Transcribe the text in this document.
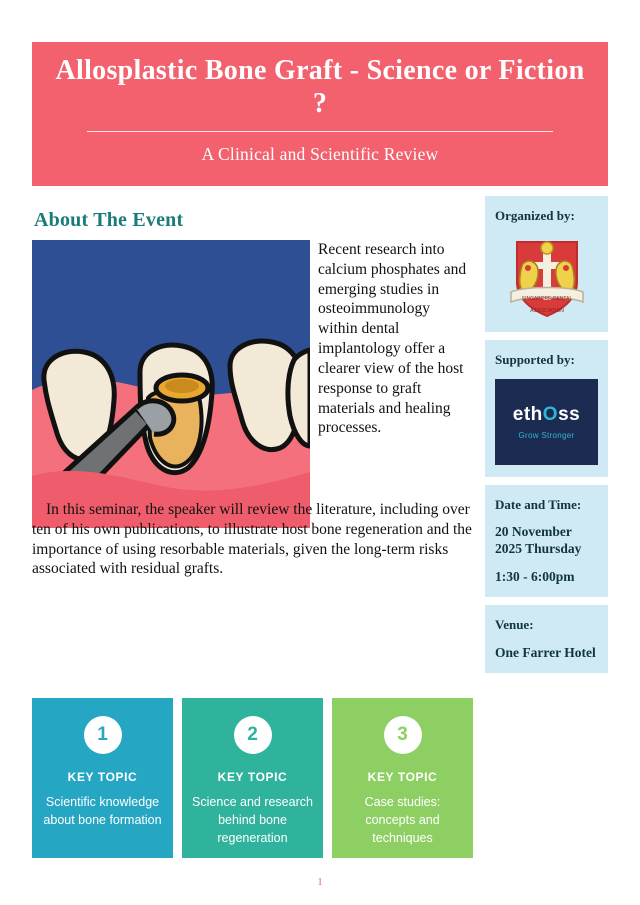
Allosplastic Bone Graft - Science or Fiction ?
A Clinical and Scientific Review
About The Event
Recent research into calcium phosphates and emerging studies in osteoimmunology within dental implantology offer a clearer view of the host response to graft materials and healing processes.
In this seminar, the speaker will review the literature, including over ten of his own publications, to illustrate host bone regeneration and the importance of using resorbable materials, given the long-term risks associated with residual grafts.
1
KEY TOPIC
Scientific knowledge about bone formation
2
KEY TOPIC
Science and research behind bone regeneration
3
KEY TOPIC
Case studies: concepts and techniques
Organized by:
SINGAPORE DENTAL
ASSOCIATION
Supported by:
ethOss
Grow Stronger
Date and Time:
20 November 2025 Thursday
1:30 - 6:00pm
Venue:
One Farrer Hotel
1
